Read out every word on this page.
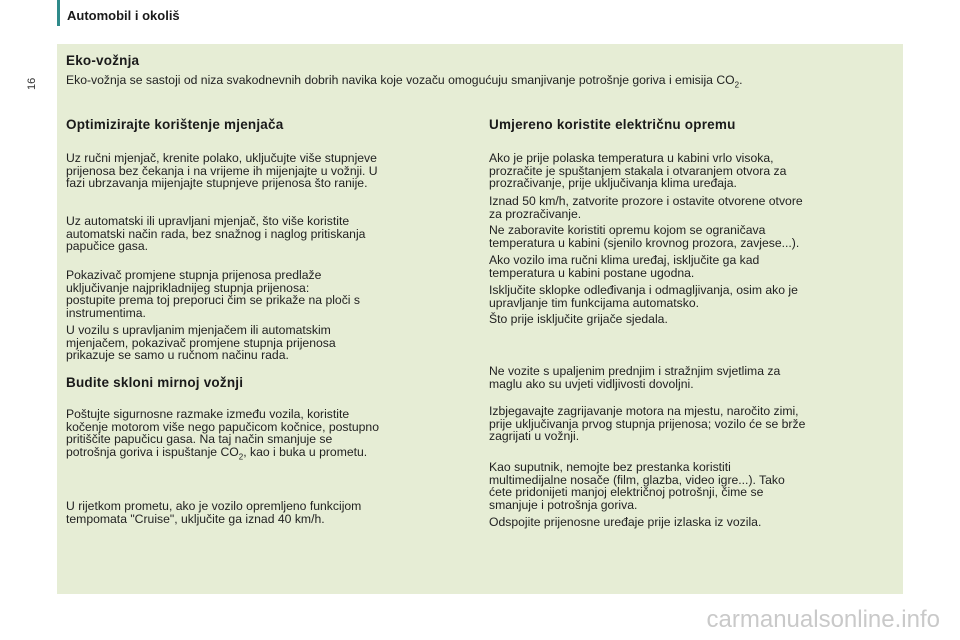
Automobil i okoliš
16
Eko-vožnja
Eko-vožnja se sastoji od niza svakodnevnih dobrih navika koje vozaču omogućuju smanjivanje potrošnje goriva i emisija $CO_2$.
Optimizirajte korištenje mjenjača
Uz ručni mjenjač, krenite polako, uključujte više stupnjeve
prijenosa bez čekanja i na vrijeme ih mijenjajte u vožnji. U
fazi ubrzavanja mijenjajte stupnjeve prijenosa što ranije.
Uz automatski ili upravljani mjenjač, što više koristite
automatski način rada, bez snažnog i naglog pritiskanja
papučice gasa.
Pokazivač promjene stupnja prijenosa predlaže
uključivanje najprikladnijeg stupnja prijenosa:
postupite prema toj preporuci čim se prikaže na ploči s
instrumentima.
U vozilu s upravljanim mjenjačem ili automatskim
mjenjačem, pokazivač promjene stupnja prijenosa
prikazuje se samo u ručnom načinu rada.
Budite skloni mirnoj vožnji
Poštujte sigurnosne razmake između vozila, koristite
kočenje motorom više nego papučicom kočnice, postupno
pritiščite papučicu gasa. Na taj način smanjuje se
potrošnja goriva i ispuštanje $CO_2$, kao i buka u prometu.
U rijetkom prometu, ako je vozilo opremljeno funkcijom
tempomata "Cruise", uključite ga iznad 40 km/h.
Umjereno koristite električnu opremu
Ako je prije polaska temperatura u kabini vrlo visoka,
prozračite je spuštanjem stakala i otvaranjem otvora za
prozračivanje, prije uključivanja klima uređaja.
Iznad 50 km/h, zatvorite prozore i ostavite otvorene otvore
za prozračivanje.
Ne zaboravite koristiti opremu kojom se ograničava
temperatura u kabini (sjenilo krovnog prozora, zavjese...).
Ako vozilo ima ručni klima uređaj, isključite ga kad
temperatura u kabini postane ugodna.
Isključite sklopke odleđivanja i odmagljivanja, osim ako je
upravljanje tim funkcijama automatsko.
Što prije isključite grijače sjedala.
Ne vozite s upaljenim prednjim i stražnjim svjetlima za
maglu ako su uvjeti vidljivosti dovoljni.
Izbjegavajte zagrijavanje motora na mjestu, naročito zimi,
prije uključivanja prvog stupnja prijenosa; vozilo će se brže
zagrijati u vožnji.
Kao suputnik, nemojte bez prestanka koristiti
multimedijalne nosače (film, glazba, video igre...). Tako
ćete pridonijeti manjoj električnoj potrošnji, čime se
smanjuje i potrošnja goriva.
Odspojite prijenosne uređaje prije izlaska iz vozila.
carmanualsonline.info
